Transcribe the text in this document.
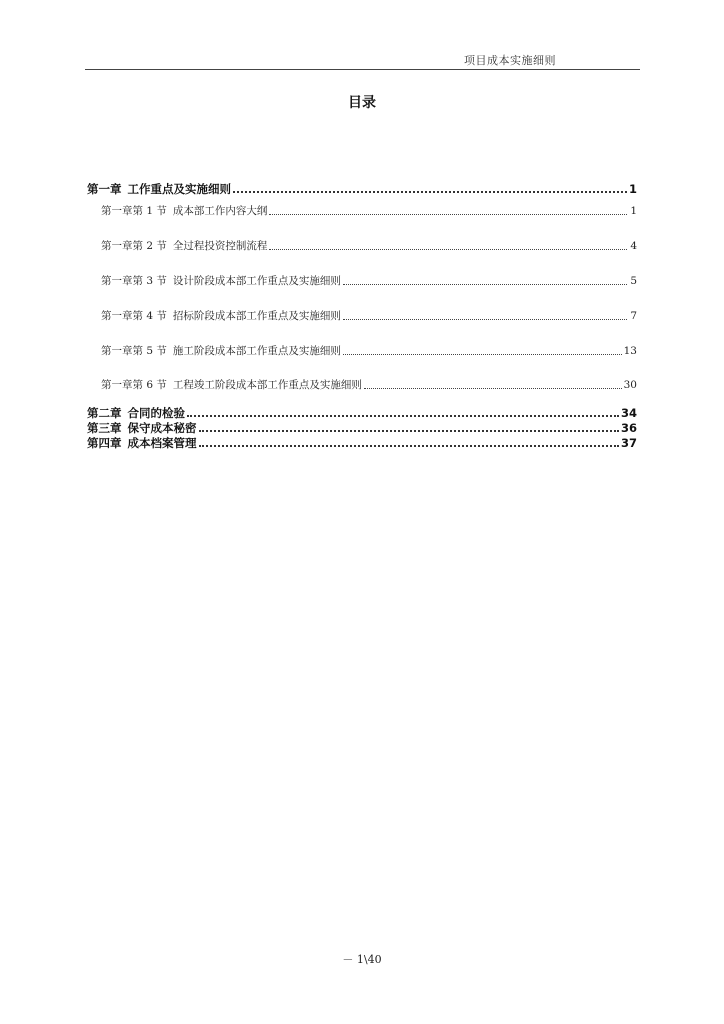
项目成本实施细则
目录
第一章 工作重点及实施细则	1
第一章第 1 节 成本部工作内容大纲	1
第一章第 2 节 全过程投资控制流程	4
第一章第 3 节 设计阶段成本部工作重点及实施细则	5
第一章第 4 节 招标阶段成本部工作重点及实施细则	7
第一章第 5 节 施工阶段成本部工作重点及实施细则	13
第一章第 6 节 工程竣工阶段成本部工作重点及实施细则	30
第二章 合同的检验	34
第三章 保守成本秘密	36
第四章 成本档案管理	37
－ 1\40
